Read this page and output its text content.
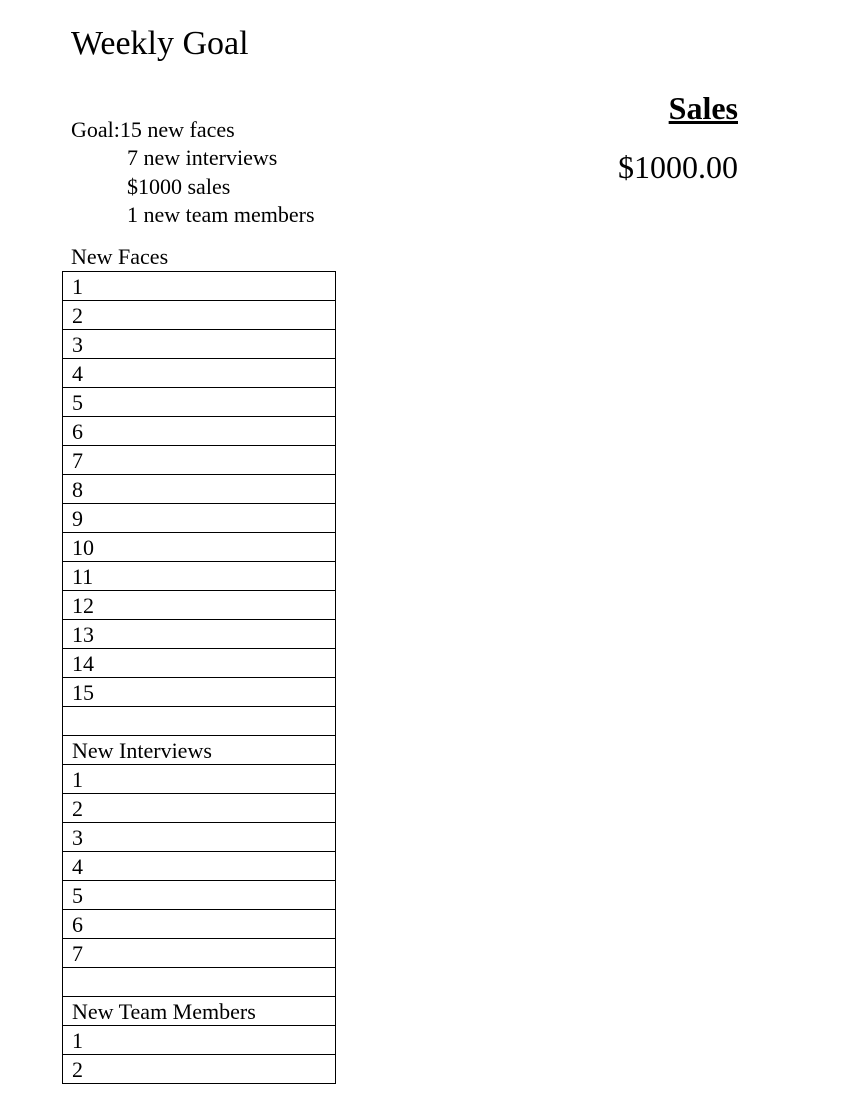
Weekly Goal
Goal:15 new faces
7 new interviews
$1000 sales
1 new team members
Sales
$1000.00
New Faces
1
2
3
4
5
6
7
8
9
10
11
12
13
14
15
New Interviews
1
2
3
4
5
6
7
New Team Members
1
2
